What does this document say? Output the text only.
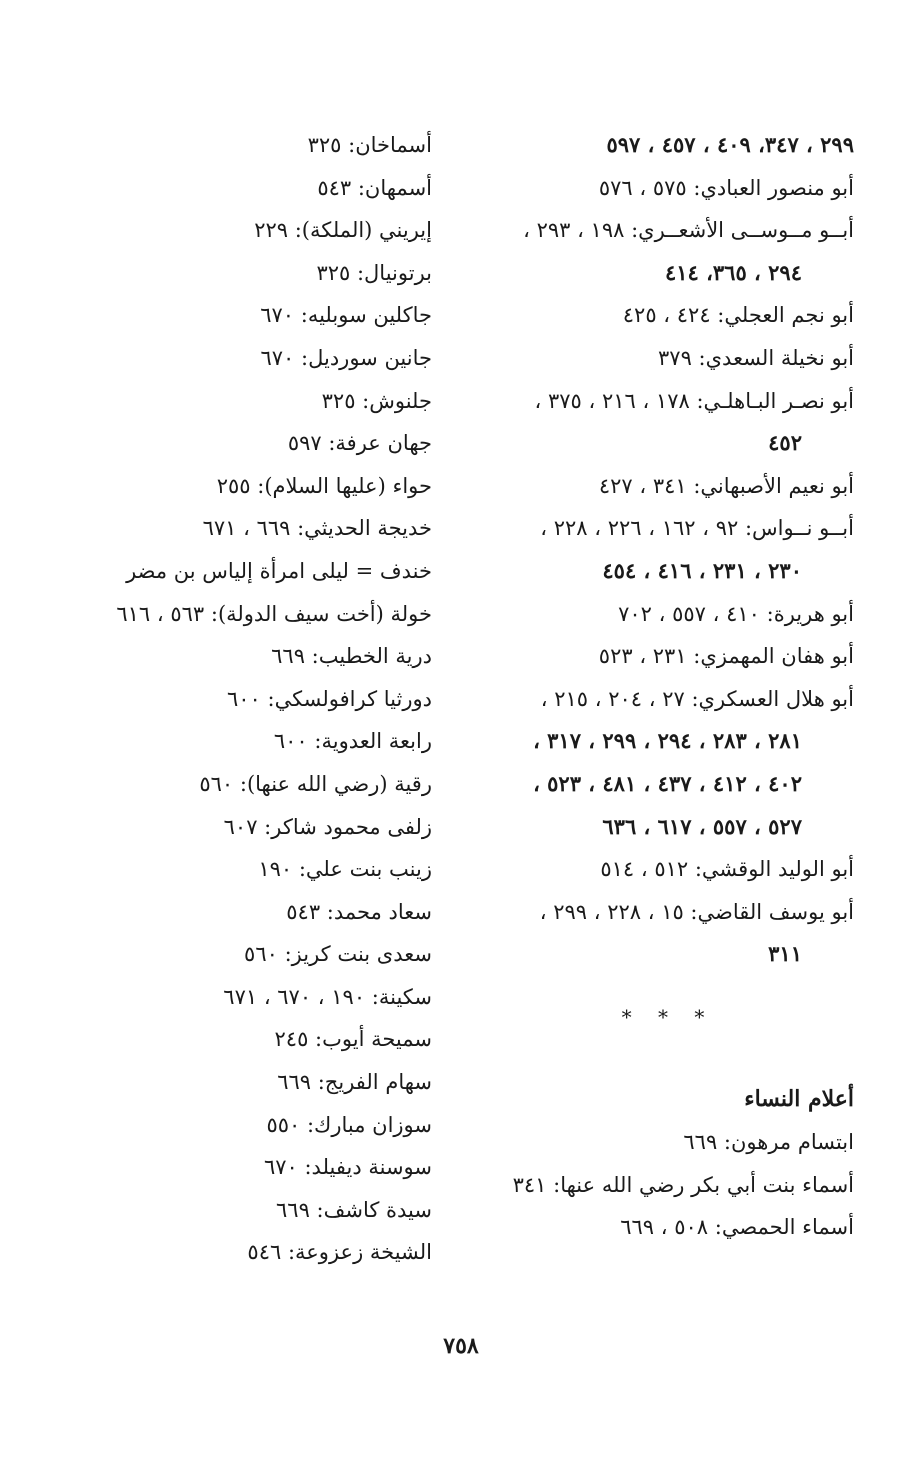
٢٩٩ ، ٣٤٧، ٤٠٩ ، ٤٥٧ ، ٥٩٧
أبو منصور العبادي: ٥٧٥ ، ٥٧٦
أبــو مــوســى الأشعــري: ١٩٨ ، ٢٩٣ ،
٢٩٤ ، ٣٦٥، ٤١٤
أبو نجم العجلي: ٤٢٤ ، ٤٢٥
أبو نخيلة السعدي: ٣٧٩
أبو نصـر البـاهلـي: ١٧٨ ، ٢١٦ ، ٣٧٥ ،
٤٥٢
أبو نعيم الأصبهاني: ٣٤١ ، ٤٢٧
أبــو نــواس: ٩٢ ، ١٦٢ ، ٢٢٦ ، ٢٢٨ ،
٢٣٠ ، ٢٣١ ، ٤١٦ ، ٤٥٤
أبو هريرة: ٤١٠ ، ٥٥٧ ، ٧٠٢
أبو هفان المهمزي: ٢٣١ ، ٥٢٣
أبو هلال العسكري: ٢٧ ، ٢٠٤ ، ٢١٥ ،
٢٨١ ، ٢٨٣ ، ٢٩٤ ، ٢٩٩ ، ٣١٧ ،
٤٠٢ ، ٤١٢ ، ٤٣٧ ، ٤٨١ ، ٥٢٣ ،
٥٢٧ ، ٥٥٧ ، ٦١٧ ، ٦٣٦
أبو الوليد الوقشي: ٥١٢ ، ٥١٤
أبو يوسف القاضي: ١٥ ، ٢٢٨ ، ٢٩٩ ،
٣١١
* * *
أعلام النساء
ابتسام مرهون: ٦٦٩
أسماء بنت أبي بكر رضي الله عنها: ٣٤١
أسماء الحمصي: ٥٠٨ ، ٦٦٩
أسماخان: ٣٢٥
أسمهان: ٥٤٣
إيريني (الملكة): ٢٢٩
برتونيال: ٣٢٥
جاكلين سوبليه: ٦٧٠
جانين سورديل: ٦٧٠
جلنوش: ٣٢٥
جهان عرفة: ٥٩٧
حواء (عليها السلام): ٢٥٥
خديجة الحديثي: ٦٦٩ ، ٦٧١
خندف = ليلى امرأة إلياس بن مضر
خولة (أخت سيف الدولة): ٥٦٣ ، ٦١٦
درية الخطيب: ٦٦٩
دورثيا كرافولسكي: ٦٠٠
رابعة العدوية: ٦٠٠
رقية (رضي الله عنها): ٥٦٠
زلفى محمود شاكر: ٦٠٧
زينب بنت علي: ١٩٠
سعاد محمد: ٥٤٣
سعدى بنت كريز: ٥٦٠
سكينة: ١٩٠ ، ٦٧٠ ، ٦٧١
سميحة أيوب: ٢٤٥
سهام الفريج: ٦٦٩
سوزان مبارك: ٥٥٠
سوسنة ديفيلد: ٦٧٠
سيدة كاشف: ٦٦٩
الشيخة زعزوعة: ٥٤٦
٧٥٨
